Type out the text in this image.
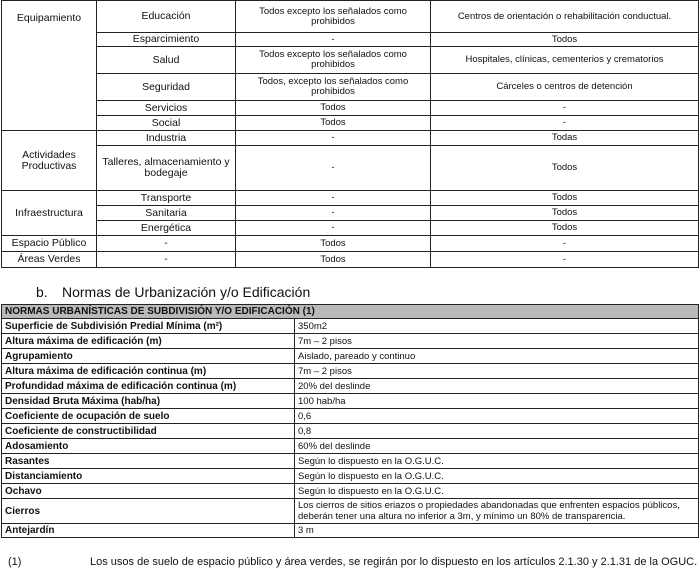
Equipamiento	Educación	Todos excepto los señalados como prohibidos	Centros de orientación o rehabilitación conductual.
	Esparcimiento	-	Todos
	Salud	Todos excepto los señalados como prohibidos	Hospitales, clínicas, cementerios y crematorios
	Seguridad	Todos, excepto los señalados como prohibidos	Cárceles o centros de detención
	Servicios	Todos	-
	Social	Todos	-
Actividades Productivas	Industria	-	Todas
	Talleres, almacenamiento y bodegaje	-	Todos
Infraestructura	Transporte	-	Todos
	Sanitaria	-	Todos
	Energética	-	Todos
Espacio Público	-	Todos	-
Áreas Verdes	-	Todos	-
b. Normas de Urbanización y/o Edificación
NORMAS URBANÍSTICAS DE SUBDIVISIÓN Y/O EDIFICACIÓN (1)	
Superficie de Subdivisión Predial Mínima (m²)	350m2
Altura máxima de edificación (m)	7m – 2 pisos
Agrupamiento	Aislado, pareado y continuo
Altura máxima de edificación continua (m)	7m – 2 pisos
Profundidad máxima de edificación continua (m)	20% del deslinde
Densidad Bruta Máxima (hab/ha)	100 hab/ha
Coeficiente de ocupación de suelo	0,6
Coeficiente de constructibilidad	0,8
Adosamiento	60% del deslinde
Rasantes	Según lo dispuesto en la O.G.U.C.
Distanciamiento	Según lo dispuesto en la O.G.U.C.
Ochavo	Según lo dispuesto en la O.G.U.C.
Cierros	Los cierros de sitios eriazos o propiedades abandonadas que enfrenten espacios públicos, deberán tener una altura no inferior a 3m, y mínimo un 80% de transparencia.
Antejardín	3 m
(1)	Los usos de suelo de espacio público y área verdes, se regirán por lo dispuesto en los artículos 2.1.30 y 2.1.31 de la OGUC.
